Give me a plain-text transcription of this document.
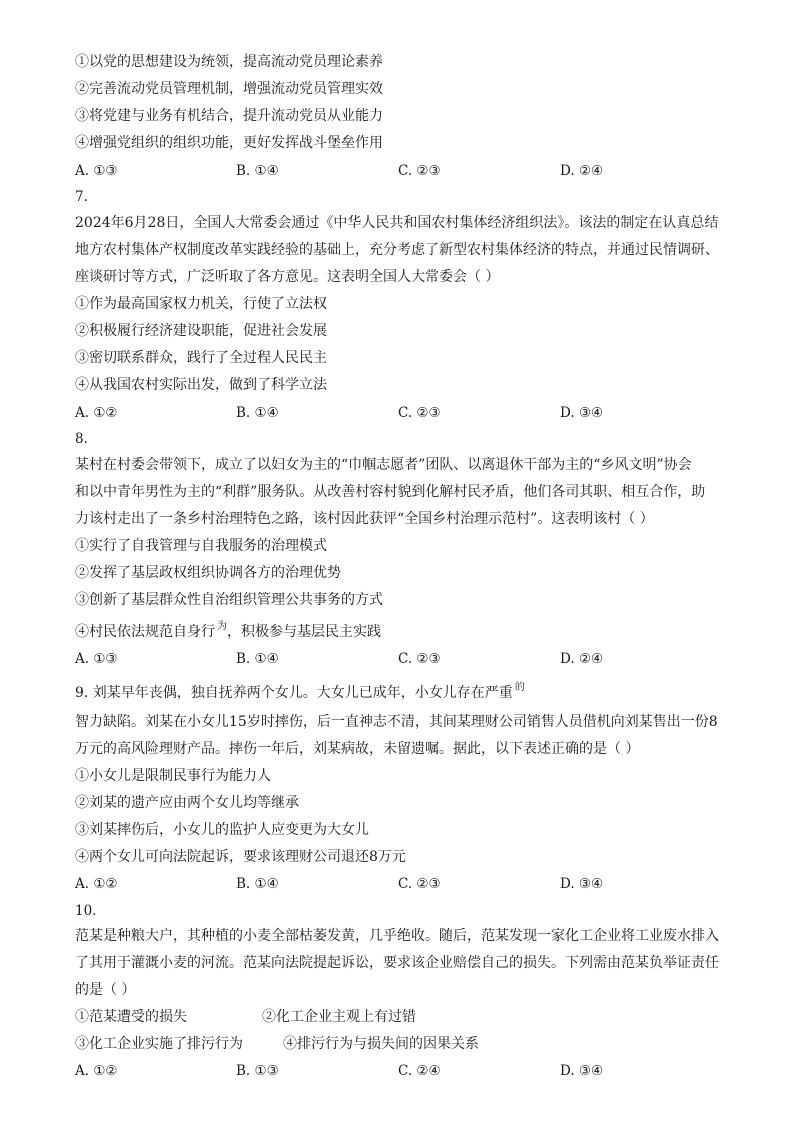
①以党的思想建设为统领，提高流动党员理论素养
②完善流动党员管理机制，增强流动党员管理实效
③将党建与业务有机结合，提升流动党员从业能力
④增强党组织的组织功能，更好发挥战斗堡垒作用
A. ①③	B. ①④	C. ②③	D. ②④
7.
2024年6月28日，全国人大常委会通过《中华人民共和国农村集体经济组织法》。该法的制定在认真总结
地方农村集体产权制度改革实践经验的基础上，充分考虑了新型农村集体经济的特点，并通过民情调研、
座谈研讨等方式，广泛听取了各方意见。这表明全国人大常委会（ ）
①作为最高国家权力机关，行使了立法权
②积极履行经济建设职能，促进社会发展
③密切联系群众，践行了全过程人民民主
④从我国农村实际出发，做到了科学立法
A. ①②	B. ①④	C. ②③	D. ③④
8.
某村在村委会带领下，成立了以妇女为主的“巾帼志愿者”团队、以离退休干部为主的“乡风文明”协会
和以中青年男性为主的“利群”服务队。从改善村容村貌到化解村民矛盾，他们各司其职、相互合作，助
力该村走出了一条乡村治理特色之路，该村因此获评“全国乡村治理示范村”。这表明该村（ ）
①实行了自我管理与自我服务的治理模式
②发挥了基层政权组织协调各方的治理优势
③创新了基层群众性自治组织管理公共事务的方式
④村民依法规范自身行 $^为$，积极参与基层民主实践
A. ①③	B. ①④	C. ②③	D. ②④
9. 刘某早年丧偶，独自抚养两个女儿。大女儿已成年，小女儿存在严重 $^的$
智力缺陷。刘某在小女儿15岁时摔伤，后一直神志不清，其间某理财公司销售人员借机向刘某售出一份8
万元的高风险理财产品。摔伤一年后，刘某病故，未留遗嘱。据此，以下表述正确的是（ ）
①小女儿是限制民事行为能力人
②刘某的遗产应由两个女儿均等继承
③刘某摔伤后，小女儿的监护人应变更为大女儿
④两个女儿可向法院起诉，要求该理财公司退还8万元
A. ①②	B. ①④	C. ②③	D. ③④
10.
范某是种粮大户，其种植的小麦全部枯萎发黄，几乎绝收。随后，范某发现一家化工企业将工业废水排入
了其用于灌溉小麦的河流。范某向法院提起诉讼，要求该企业赔偿自己的损失。下列需由范某负举证责任
的是（ ）
①范某遭受的损失	②化工企业主观上有过错
③化工企业实施了排污行为	④排污行为与损失间的因果关系
A. ①②	B. ①③	C. ②④	D. ③④
